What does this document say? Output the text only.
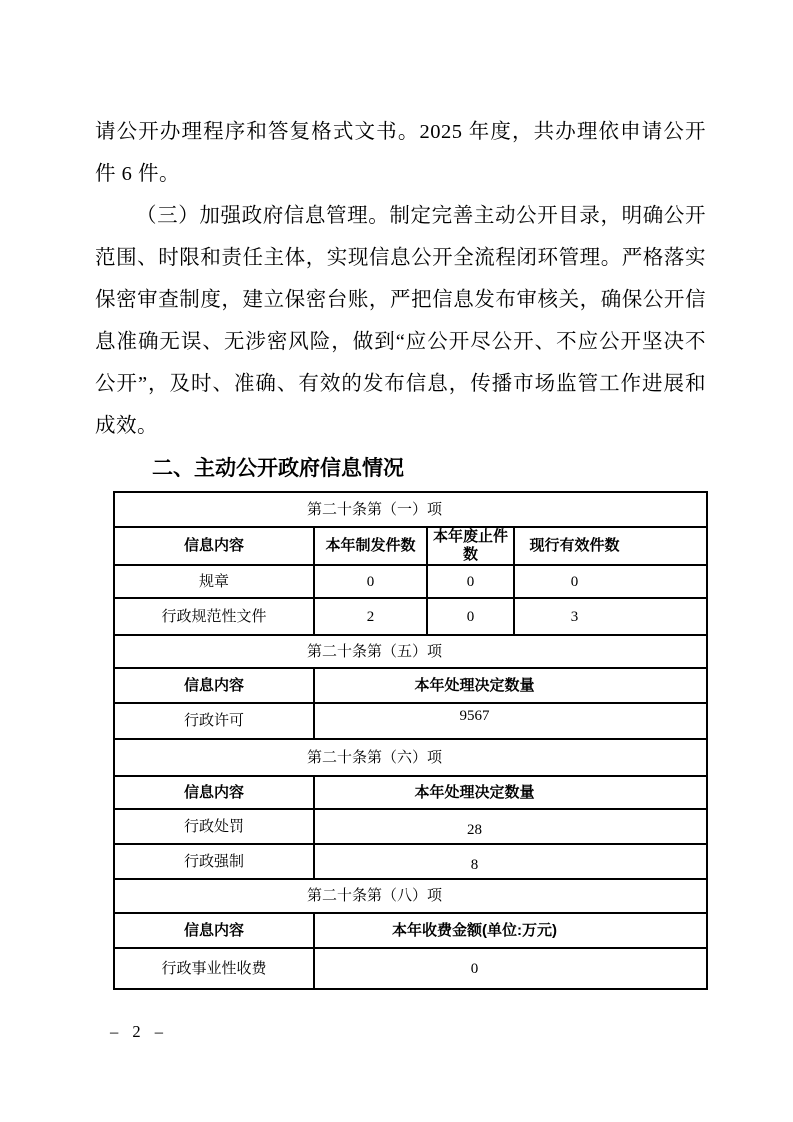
请公开办理程序和答复格式文书。2025 年度，共办理依申请公开件 6 件。

（三）加强政府信息管理。制定完善主动公开目录，明确公开范围、时限和责任主体，实现信息公开全流程闭环管理。严格落实保密审查制度，建立保密台账，严把信息发布审核关，确保公开信息准确无误、无涉密风险，做到“应公开尽公开、不应公开坚决不公开”，及时、准确、有效的发布信息，传播市场监管工作进展和成效。

二、主动公开政府信息情况
第二十条第（一）项			
信息内容	本年制发件数	本年废止件数	现行有效件数
规章	0	0	0
行政规范性文件	2	0	3
第二十条第（五）项			
信息内容	本年处理决定数量		
行政许可	9567		
第二十条第（六）项			
信息内容	本年处理决定数量		
行政处罚	28		
行政强制	8		
第二十条第（八）项			
信息内容	本年收费金额(单位:万元)		
行政事业性收费	0		
– 2 –
